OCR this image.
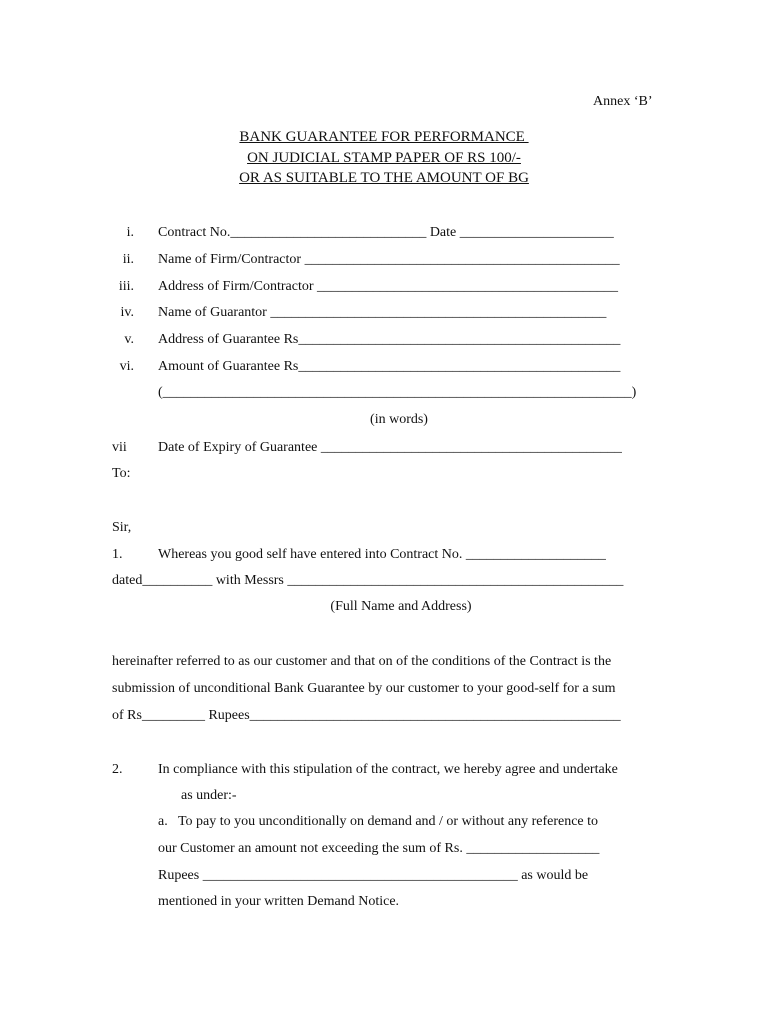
Annex ‘B’
BANK GUARANTEE FOR PERFORMANCE
ON JUDICIAL STAMP PAPER OF RS 100/-
OR AS SUITABLE TO THE AMOUNT OF BG
i. Contract No.____________________________ Date ______________________
ii. Name of Firm/Contractor _____________________________________________
iii. Address of Firm/Contractor ___________________________________________
iv. Name of Guarantor ________________________________________________
v. Address of Guarantee Rs______________________________________________
vi. Amount of Guarantee Rs______________________________________________
(___________________________________________________________________)
(in words)
vii Date of Expiry of Guarantee ___________________________________________
To:
Sir,
1.	Whereas you good self have entered into Contract No. ____________________
dated__________ with Messrs ________________________________________________
(Full Name and Address)
hereinafter referred to as our customer and that on of the conditions of the Contract is the
submission of unconditional Bank Guarantee by our customer to your good-self for a sum
of Rs_________ Rupees_____________________________________________________
2.	In compliance with this stipulation of the contract, we hereby agree and undertake
as under:-
a.   To pay to you unconditionally on demand and / or without any reference to
our Customer an amount not exceeding the sum of Rs. ___________________
Rupees _____________________________________________ as would be
mentioned in your written Demand Notice.
